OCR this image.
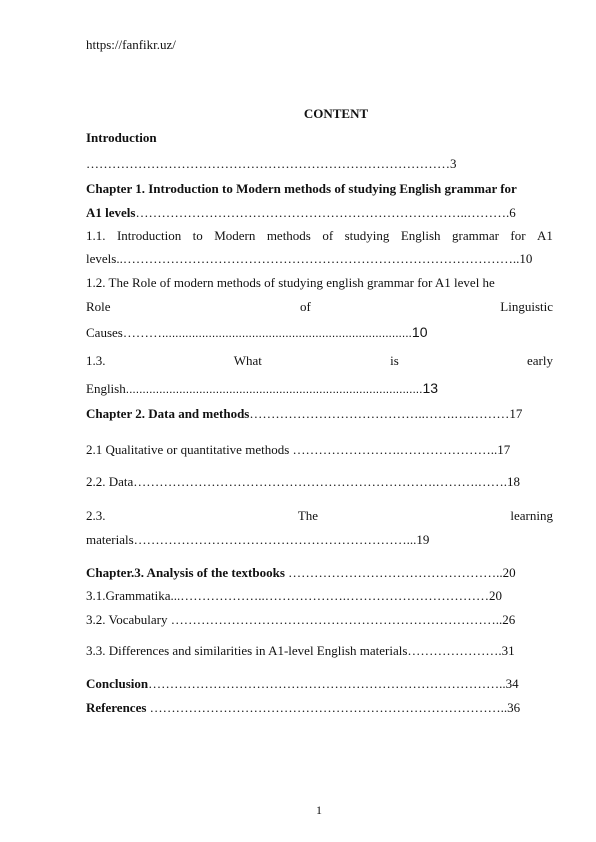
https://fanfikr.uz/
CONTENT
Introduction
…………………………………………………………………………3
Chapter 1. Introduction to Modern methods of studying English grammar for
A1 levels…………………………………………………………………..……….6
1.1. Introduction to Modern methods of studying English grammar for A1
levels..………………………………………………………………………………..10
1.2. The Role of modern methods of studying english grammar for A1 level he
Role	of	Linguistic
Causes………...........................................................................10
1.3.	What	is	early
English.........................................................................................13
Chapter 2. Data and methods…………………………………..…….….………17
2.1 Qualitative or quantitative methods …………………….…………………..17
2.2. Data…………………………………………………………….……….…….18
2.3.	The	learning
materials………………………………………………………...19
Chapter.3. Analysis of the textbooks …………………………………………..20
3.1.Grammatika...………………..……………….……………………………20
3.2. Vocabulary …………………………………………………………………..26
3.3. Differences and similarities in A1-level English materials………………….31
Conclusion………………………………………………………………………..34
References ………………………………………………………………………..36
1
